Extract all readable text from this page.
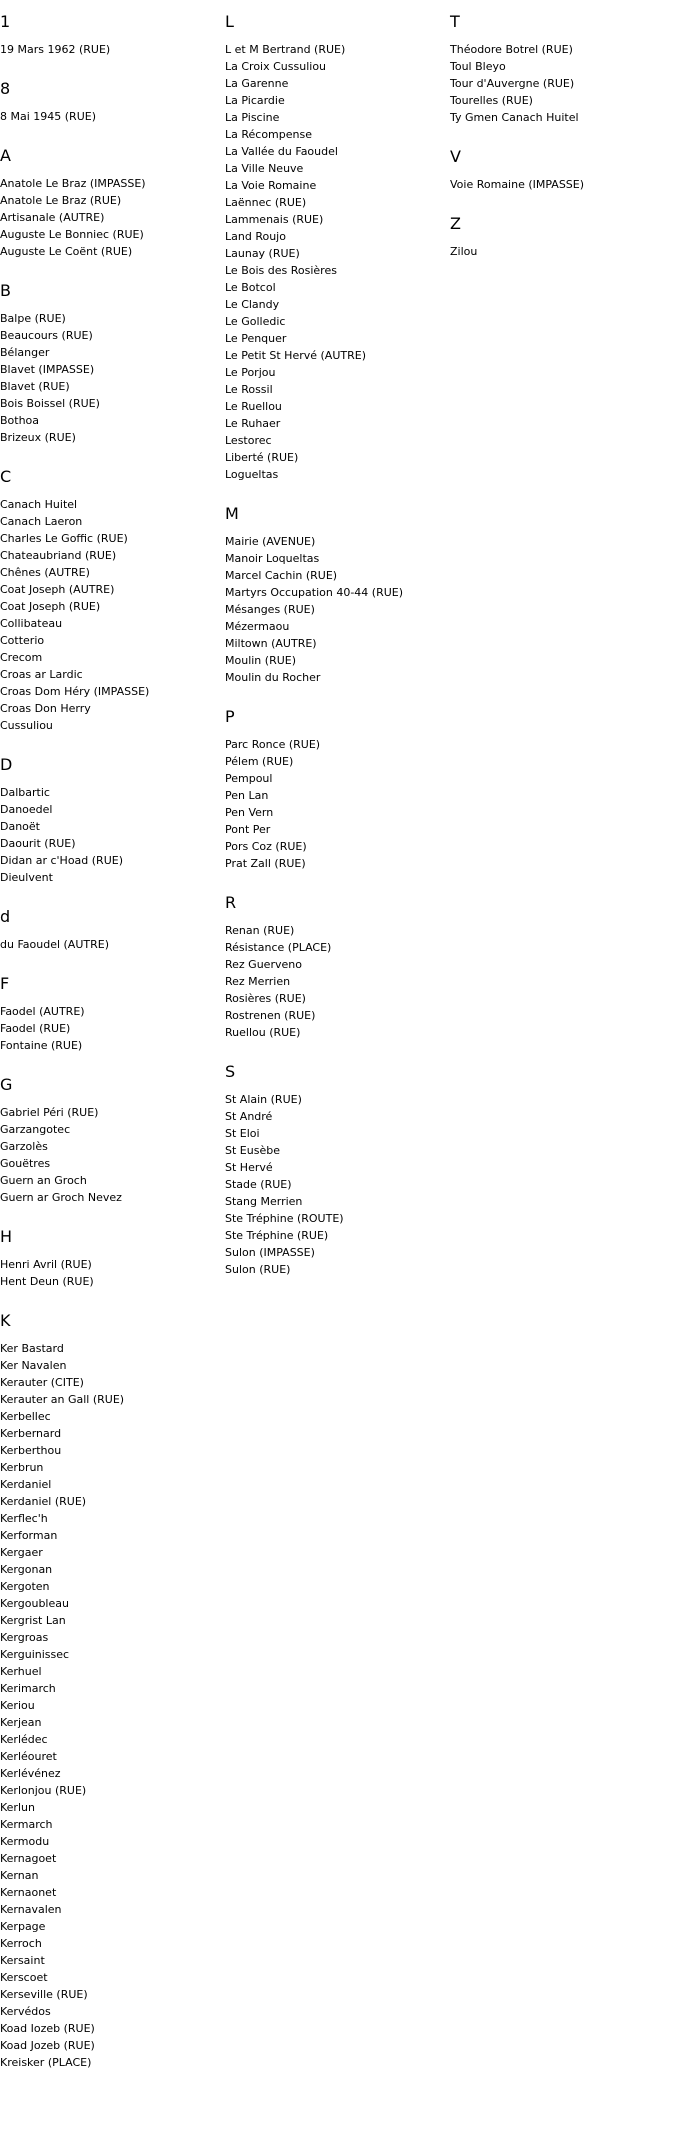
1
19 Mars 1962 (RUE)
8
8 Mai 1945 (RUE)
A
Anatole Le Braz (IMPASSE)
Anatole Le Braz (RUE)
Artisanale (AUTRE)
Auguste Le Bonniec (RUE)
Auguste Le Coënt (RUE)
B
Balpe (RUE)
Beaucours (RUE)
Bélanger
Blavet (IMPASSE)
Blavet (RUE)
Bois Boissel (RUE)
Bothoa
Brizeux (RUE)
C
Canach Huitel
Canach Laeron
Charles Le Goffic (RUE)
Chateaubriand (RUE)
Chênes (AUTRE)
Coat Joseph (AUTRE)
Coat Joseph (RUE)
Collibateau
Cotterio
Crecom
Croas ar Lardic
Croas Dom Héry (IMPASSE)
Croas Don Herry
Cussuliou
D
Dalbartic
Danoedel
Danoët
Daourit (RUE)
Didan ar c'Hoad (RUE)
Dieulvent
d
du Faoudel (AUTRE)
F
Faodel (AUTRE)
Faodel (RUE)
Fontaine (RUE)
G
Gabriel Péri (RUE)
Garzangotec
Garzolès
Gouëtres
Guern an Groch
Guern ar Groch Nevez
H
Henri Avril (RUE)
Hent Deun (RUE)
K
Ker Bastard
Ker Navalen
Kerauter (CITE)
Kerauter an Gall (RUE)
Kerbellec
Kerbernard
Kerberthou
Kerbrun
Kerdaniel
Kerdaniel (RUE)
Kerflec'h
Kerforman
Kergaer
Kergonan
Kergoten
Kergoubleau
Kergrist Lan
Kergroas
Kerguinissec
Kerhuel
Kerimarch
Keriou
Kerjean
Kerlédec
Kerléouret
Kerlévénez
Kerlonjou (RUE)
Kerlun
Kermarch
Kermodu
Kernagoet
Kernan
Kernaonet
Kernavalen
Kerpage
Kerroch
Kersaint
Kerscoet
Kerseville (RUE)
Kervédos
Koad Iozeb (RUE)
Koad Jozeb (RUE)
Kreisker (PLACE)
L
L et M Bertrand (RUE)
La Croix Cussuliou
La Garenne
La Picardie
La Piscine
La Récompense
La Vallée du Faoudel
La Ville Neuve
La Voie Romaine
Laënnec (RUE)
Lammenais (RUE)
Land Roujo
Launay (RUE)
Le Bois des Rosières
Le Botcol
Le Clandy
Le Golledic
Le Penquer
Le Petit St Hervé (AUTRE)
Le Porjou
Le Rossil
Le Ruellou
Le Ruhaer
Lestorec
Liberté (RUE)
Logueltas
M
Mairie (AVENUE)
Manoir Loqueltas
Marcel Cachin (RUE)
Martyrs Occupation 40-44 (RUE)
Mésanges (RUE)
Mézermaou
Miltown (AUTRE)
Moulin (RUE)
Moulin du Rocher
P
Parc Ronce (RUE)
Pélem (RUE)
Pempoul
Pen Lan
Pen Vern
Pont Per
Pors Coz (RUE)
Prat Zall (RUE)
R
Renan (RUE)
Résistance (PLACE)
Rez Guerveno
Rez Merrien
Rosières (RUE)
Rostrenen (RUE)
Ruellou (RUE)
S
St Alain (RUE)
St André
St Eloi
St Eusèbe
St Hervé
Stade (RUE)
Stang Merrien
Ste Tréphine (ROUTE)
Ste Tréphine (RUE)
Sulon (IMPASSE)
Sulon (RUE)
T
Théodore Botrel (RUE)
Toul Bleyo
Tour d'Auvergne (RUE)
Tourelles (RUE)
Ty Gmen Canach Huitel
V
Voie Romaine (IMPASSE)
Z
Zilou
